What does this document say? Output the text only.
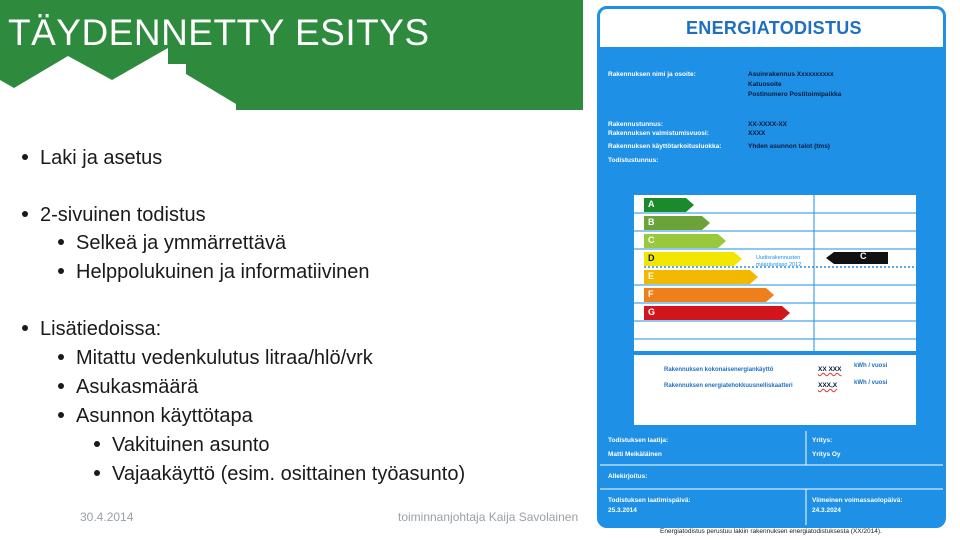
TÄYDENNETTY ESITYS
Laki ja asetus
2-sivuinen todistus
Selkeä ja ymmärrettävä
Helppolukuinen ja informatiivinen
Lisätiedoissa:
Mitattu vedenkulutus litraa/hlö/vrk
Asukasmäärä
Asunnon käyttötapa
Vakituinen asunto
Vajaakäyttö (esim. osittainen työasunto)
30.4.2014	toiminnanjohtaja Kaija Savolainen
ENERGIATODISTUS
Rakennuksen nimi ja osoite:	Asuinrakennus Xxxxxxxxxx
Katuosoite
Postinumero Postitoimipaikka
Rakennustunnus:	XX-XXXX-XX
Rakennuksen valmistumisvuosi:	XXXX
Rakennuksen käyttötarkoitusluokka:	Yhden asunnon talot (tms)
Todistustunnus:
A
B
C
D
E
F
G
Uudisrakennusten
määräystaso 2012
C
Rakennuksen kokonaisenergiankäyttö	XX XXX kWh / vuosi
Rakennuksen energiatehokkuusnelliskaatteri	XXX,X	kWh / vuosi
Todistuksen laatija:	Yritys:
Matti Meikäläinen	Yritys Oy
Allekirjoitus:
Todistuksen laatimispäivä:	Viimeinen voimassaolopäivä:
25.3.2014	24.3.2024
Energiatodistus perustuu lakiin rakennuksen energiatodistuksesta (XX/2014).
